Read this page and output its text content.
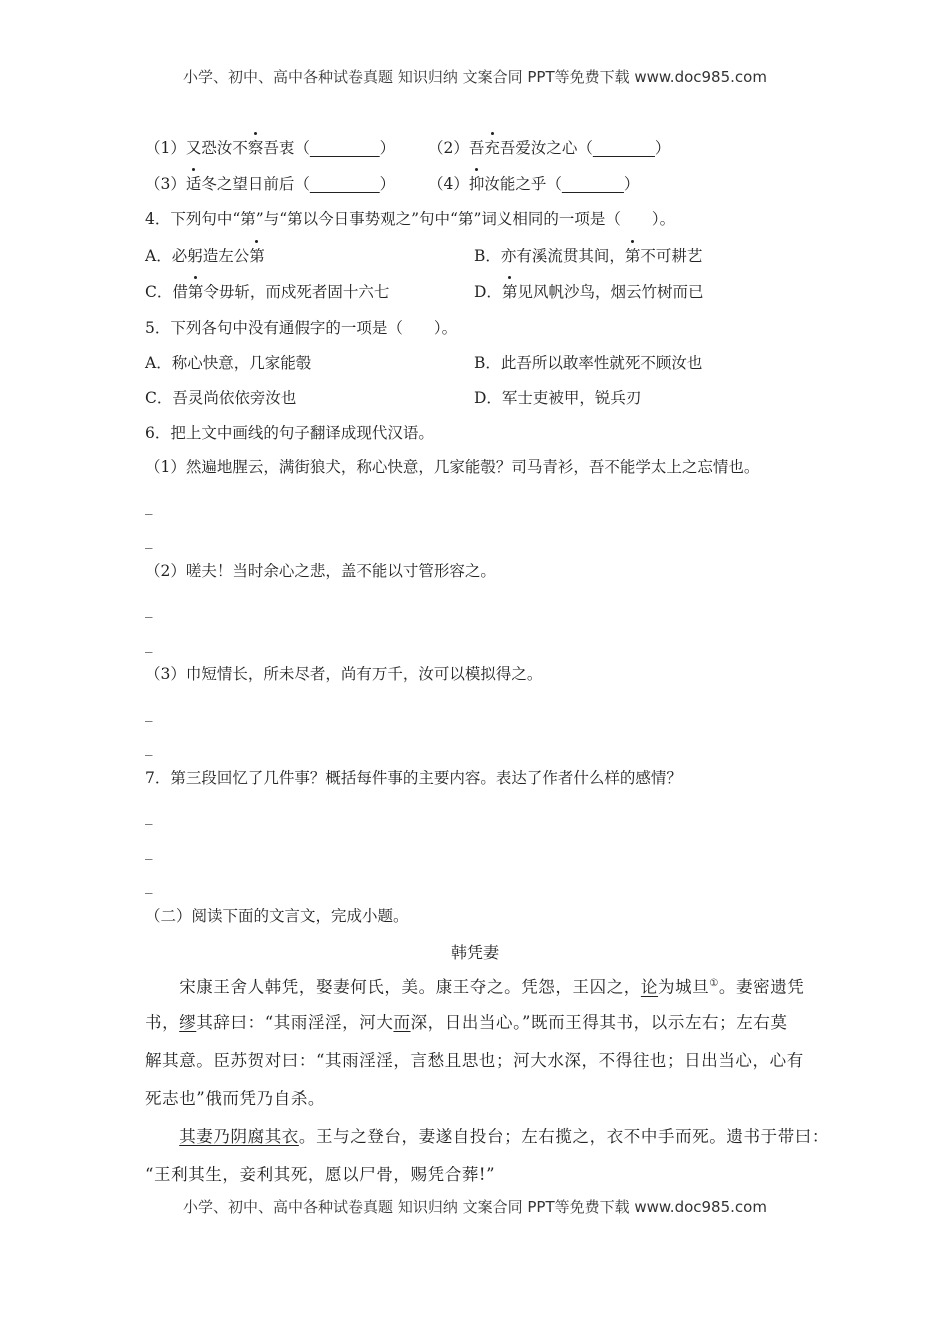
小学、初中、高中各种试卷真题 知识归纳 文案合同 PPT等免费下载 www.doc985.com
（1）又恐汝不察吾衷（_________） （2）吾充吾爱汝之心（________）
（3）适冬之望日前后（_________） （4）抑汝能之乎（________）
4．下列句中“第”与“第以今日事势观之”句中“第”词义相同的一项是（　　）。
A．必躬造左公第	B．亦有溪流贯其间，第不可耕艺
C．借第令毋斩，而戍死者固十六七	D．第见风帆沙鸟，烟云竹树而已
5．下列各句中没有通假字的一项是（　　）。
A．称心快意，几家能彀	B．此吾所以敢率性就死不顾汝也
C．吾灵尚依依旁汝也	D．军士吏被甲，锐兵刃
6．把上文中画线的句子翻译成现代汉语。
（1）然遍地腥云，满街狼犬，称心快意，几家能彀？司马青衫，吾不能学太上之忘情也。
_
_
（2）嗟夫！当时余心之悲，盖不能以寸管形容之。
_
_
（3）巾短情长，所未尽者，尚有万千，汝可以模拟得之。
_
_
7．第三段回忆了几件事？概括每件事的主要内容。表达了作者什么样的感情？
_
_
_
（二）阅读下面的文言文，完成小题。
韩凭妻
　　宋康王舍人韩凭，娶妻何氏，美。康王夺之。凭怨，王囚之，论为城旦①。妻密遗凭
书，缪其辞曰：“其雨淫淫，河大而深，日出当心。”既而王得其书，以示左右；左右莫
解其意。臣苏贺对曰：“其雨淫淫，言愁且思也；河大水深，不得往也；日出当心，心有
死志也”俄而凭乃自杀。
　　其妻乃阴腐其衣。王与之登台，妻遂自投台；左右揽之，衣不中手而死。遗书于带曰：
“王利其生，妾利其死，愿以尸骨，赐凭合葬!”
小学、初中、高中各种试卷真题 知识归纳 文案合同 PPT等免费下载 www.doc985.com
